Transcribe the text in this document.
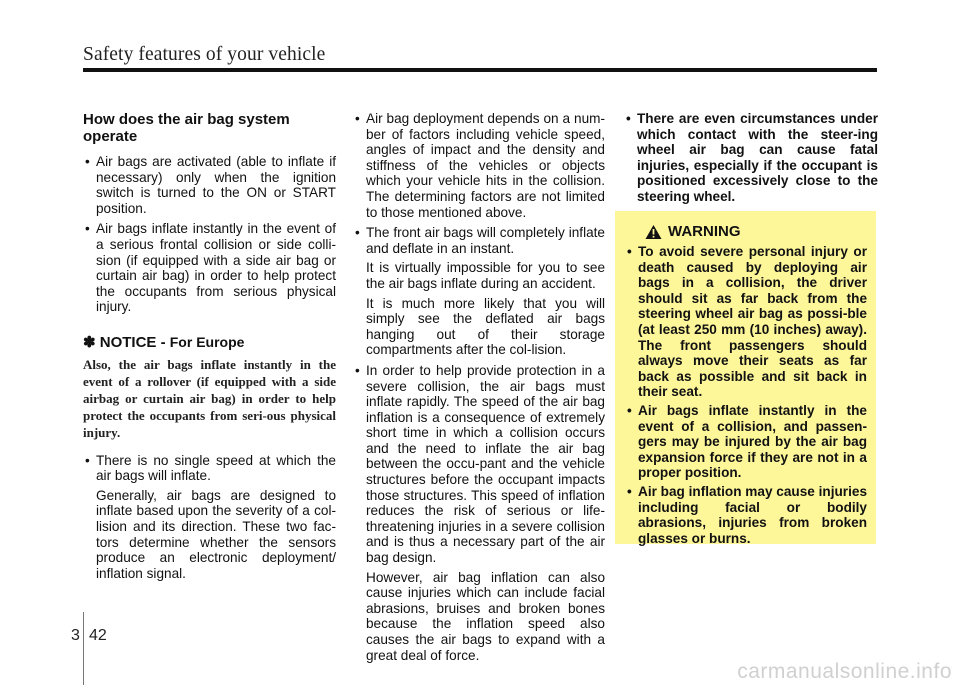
Safety features of your vehicle
How does the air bag system operate
• Air bags are activated (able to inflate if necessary) only when the ignition switch is turned to the ON or START position.
• Air bags inflate instantly in the event of a serious frontal collision or side colli-sion (if equipped with a side air bag or curtain air bag) in order to help protect the occupants from serious physical injury.
✽ NOTICE - For Europe

Also, the air bags inflate instantly in the event of a rollover (if equipped with a side airbag or curtain air bag) in order to help protect the occupants from seri-ous physical injury.

• There is no single speed at which the air bags will inflate.

Generally, air bags are designed to inflate based upon the severity of a col-lision and its direction. These two fac-tors determine whether the sensors produce an electronic deployment/ inflation signal.

• Air bag deployment depends on a num-ber of factors including vehicle speed, angles of impact and the density and stiffness of the vehicles or objects which your vehicle hits in the collision. The determining factors are not limited to those mentioned above.
• The front air bags will completely inflate and deflate in an instant.

It is virtually impossible for you to see the air bags inflate during an accident.

It is much more likely that you will simply see the deflated air bags hanging out of their storage compartments after the col-lision.

• In order to help provide protection in a severe collision, the air bags must inflate rapidly. The speed of the air bag inflation is a consequence of extremely short time in which a collision occurs and the need to inflate the air bag between the occu-pant and the vehicle structures before the occupant impacts those structures. This speed of inflation reduces the risk of serious or life-threatening injuries in a severe collision and is thus a necessary part of the air bag design.

However, air bag inflation can also cause injuries which can include facial abrasions, bruises and broken bones because the inflation speed also causes the air bags to expand with a great deal of force.

• There are even circumstances under which contact with the steer-ing wheel air bag can cause fatal injuries, especially if the occupant is positioned excessively close to the steering wheel.
WARNING
• To avoid severe personal injury or death caused by deploying air bags in a collision, the driver should sit as far back from the steering wheel air bag as possi-ble (at least 250 mm (10 inches) away). The front passengers should always move their seats as far back as possible and sit back in their seat.
• Air bags inflate instantly in the event of a collision, and passen-gers may be injured by the air bag expansion force if they are not in a proper position.
• Air bag inflation may cause injuries including facial or bodily abrasions, injuries from broken glasses or burns.
3 42
carmanualsonline.info
